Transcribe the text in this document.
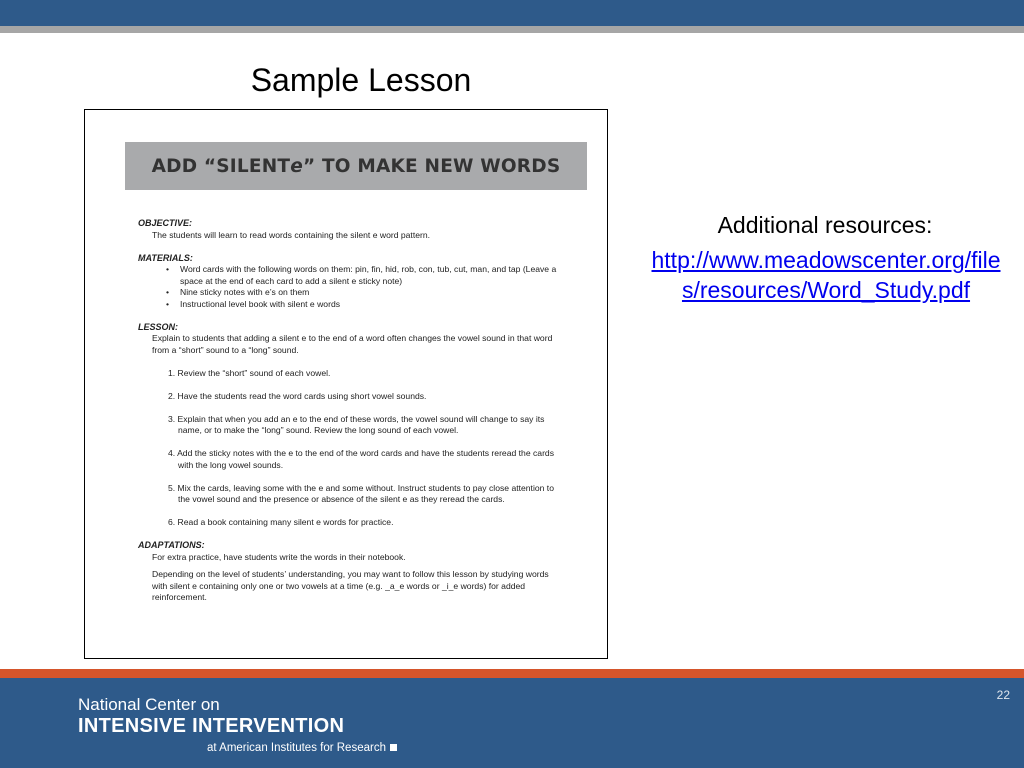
Sample Lesson
ADD “SILENT e ” TO MAKE NEW WORDS

OBJECTIVE:

The students will learn to read words containing the silent e word pattern.

MATERIALS:

• Word cards with the following words on them: pin, fin, hid, rob, con, tub, cut, man, and tap (Leave a space at the end of each card to add a silent e sticky note)
• Nine sticky notes with e’s on them
• Instructional level book with silent e words

LESSON:

Explain to students that adding a silent e to the end of a word often changes the vowel sound in that word from a “short” sound to a “long” sound.

1. Review the “short” sound of each vowel.
2. Have the students read the word cards using short vowel sounds.
3. Explain that when you add an e to the end of these words, the vowel sound will change to say its name, or to make the “long” sound. Review the long sound of each vowel.
4. Add the sticky notes with the e to the end of the word cards and have the students reread the cards with the long vowel sounds.
5. Mix the cards, leaving some with the e and some without. Instruct students to pay close attention to the vowel sound and the presence or absence of the silent e as they reread the cards.
6. Read a book containing many silent e words for practice.

ADAPTATIONS:

For extra practice, have students write the words in their notebook.

Depending on the level of students’ understanding, you may want to follow this lesson by studying words with silent e containing only one or two vowels at a time (e.g. _a_e words or _i_e words) for added reinforcement.

Additional resources:
http://www.meadowscenter.org/files/resources/Word_Study.pdf
22
National Center on
INTENSIVE INTERVENTION
at American Institutes for Research
